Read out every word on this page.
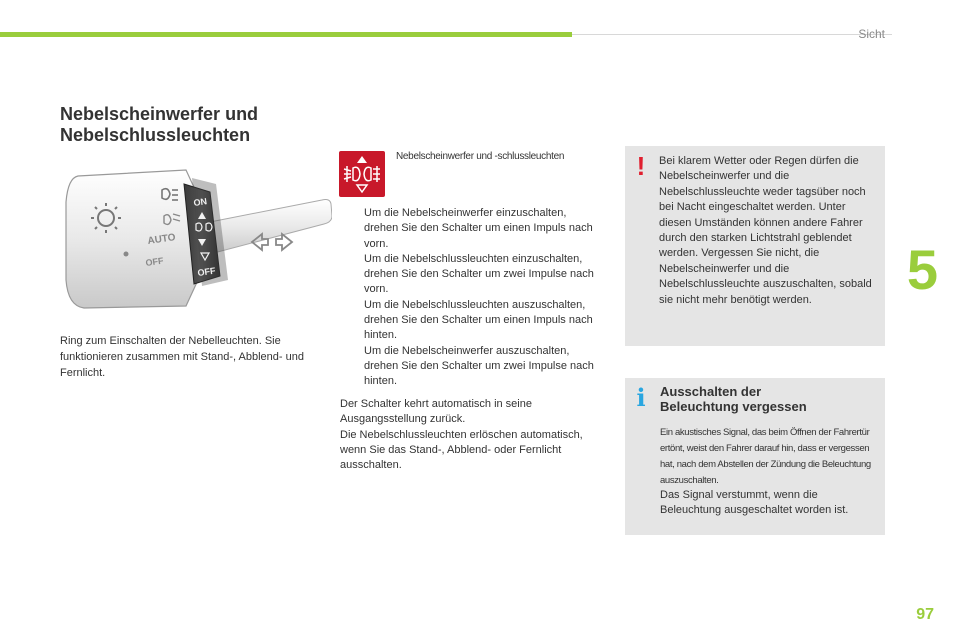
Sicht
5
97
Nebelscheinwerfer und
Nebelschlussleuchten
AUTO
OFF
ON
OFF
Ring zum Einschalten der Nebelleuchten. Sie funktionieren zusammen mit Stand-, Abblend- und Fernlicht.
Nebelscheinwerfer und -schlussleuchten
Um die Nebelscheinwerfer einzuschalten, drehen Sie den Schalter um einen Impuls nach vorn.
Um die Nebelschlussleuchten einzuschalten, drehen Sie den Schalter um zwei Impulse nach vorn.
Um die Nebelschlussleuchten auszuschalten, drehen Sie den Schalter um einen Impuls nach hinten.
Um die Nebelscheinwerfer auszuschalten, drehen Sie den Schalter um zwei Impulse nach hinten.
Der Schalter kehrt automatisch in seine Ausgangsstellung zurück.
Die Nebelschlussleuchten erlöschen automatisch, wenn Sie das Stand-, Abblend- oder Fernlicht ausschalten.
!	Bei klarem Wetter oder Regen dürfen die Nebelscheinwerfer und die Nebelschlussleuchte weder tagsüber noch bei Nacht eingeschaltet werden. Unter diesen Umständen können andere Fahrer durch den starken Lichtstrahl geblendet werden. Vergessen Sie nicht, die Nebelscheinwerfer und die Nebelschlussleuchte auszuschalten, sobald sie nicht mehr benötigt werden.
i	Ausschalten der
Beleuchtung vergessen
Ein akustisches Signal, das beim Öffnen der Fahrertür ertönt, weist den Fahrer darauf hin, dass er vergessen hat, nach dem Abstellen der Zündung die Beleuchtung auszuschalten.
Das Signal verstummt, wenn die Beleuchtung ausgeschaltet worden ist.
